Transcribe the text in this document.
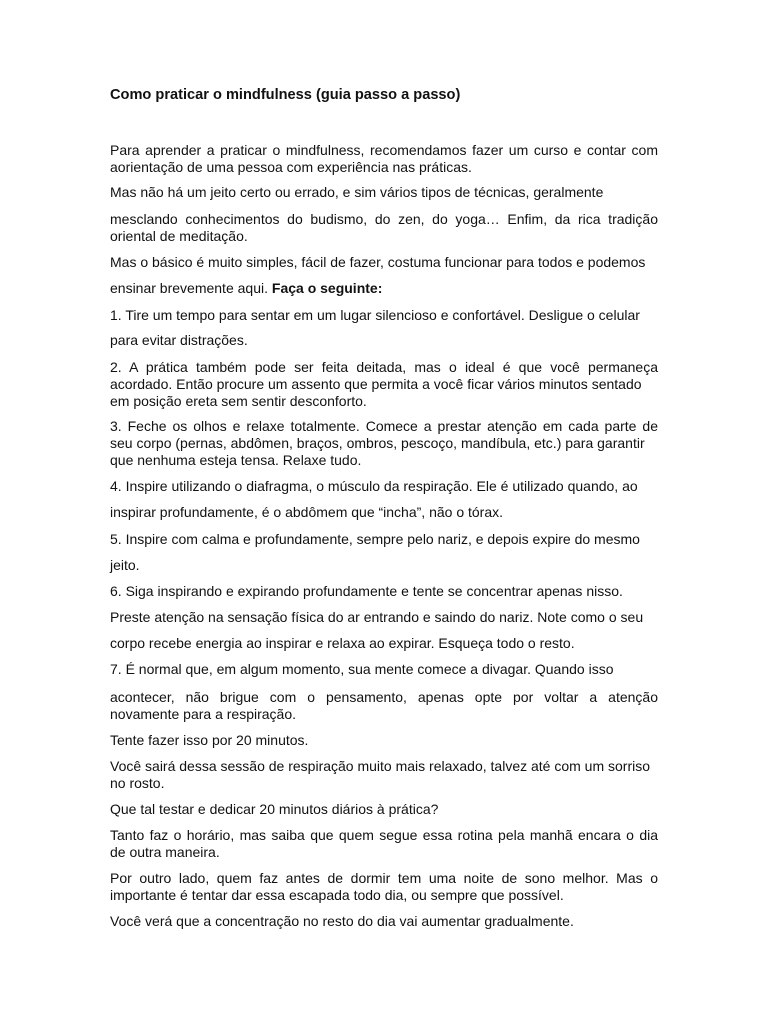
Como praticar o mindfulness (guia passo a passo)
Para aprender a praticar o mindfulness, recomendamos fazer um curso e contar com
aorientação de uma pessoa com experiência nas práticas.
Mas não há um jeito certo ou errado, e sim vários tipos de técnicas, geralmente
mesclando conhecimentos do budismo, do zen, do yoga… Enfim, da rica tradição
oriental de meditação.
Mas o básico é muito simples, fácil de fazer, costuma funcionar para todos e podemos
ensinar brevemente aqui. Faça o seguinte:
1. Tire um tempo para sentar em um lugar silencioso e confortável. Desligue o celular
para evitar distrações.
2. A prática também pode ser feita deitada, mas o ideal é que você permaneça
acordado. Então procure um assento que permita a você ficar vários minutos sentado
em posição ereta sem sentir desconforto.
3. Feche os olhos e relaxe totalmente. Comece a prestar atenção em cada parte de
seu corpo (pernas, abdômen, braços, ombros, pescoço, mandíbula, etc.) para garantir
que nenhuma esteja tensa. Relaxe tudo.
4. Inspire utilizando o diafragma, o músculo da respiração. Ele é utilizado quando, ao
inspirar profundamente, é o abdômem que “incha”, não o tórax.
5. Inspire com calma e profundamente, sempre pelo nariz, e depois expire do mesmo
jeito.
6. Siga inspirando e expirando profundamente e tente se concentrar apenas nisso.
Preste atenção na sensação física do ar entrando e saindo do nariz. Note como o seu
corpo recebe energia ao inspirar e relaxa ao expirar. Esqueça todo o resto.
7. É normal que, em algum momento, sua mente comece a divagar. Quando isso
acontecer, não brigue com o pensamento, apenas opte por voltar a atenção
novamente para a respiração.
Tente fazer isso por 20 minutos.
Você sairá dessa sessão de respiração muito mais relaxado, talvez até com um sorriso
no rosto.
Que tal testar e dedicar 20 minutos diários à prática?
Tanto faz o horário, mas saiba que quem segue essa rotina pela manhã encara o dia
de outra maneira.
Por outro lado, quem faz antes de dormir tem uma noite de sono melhor. Mas o
importante é tentar dar essa escapada todo dia, ou sempre que possível.
Você verá que a concentração no resto do dia vai aumentar gradualmente.
